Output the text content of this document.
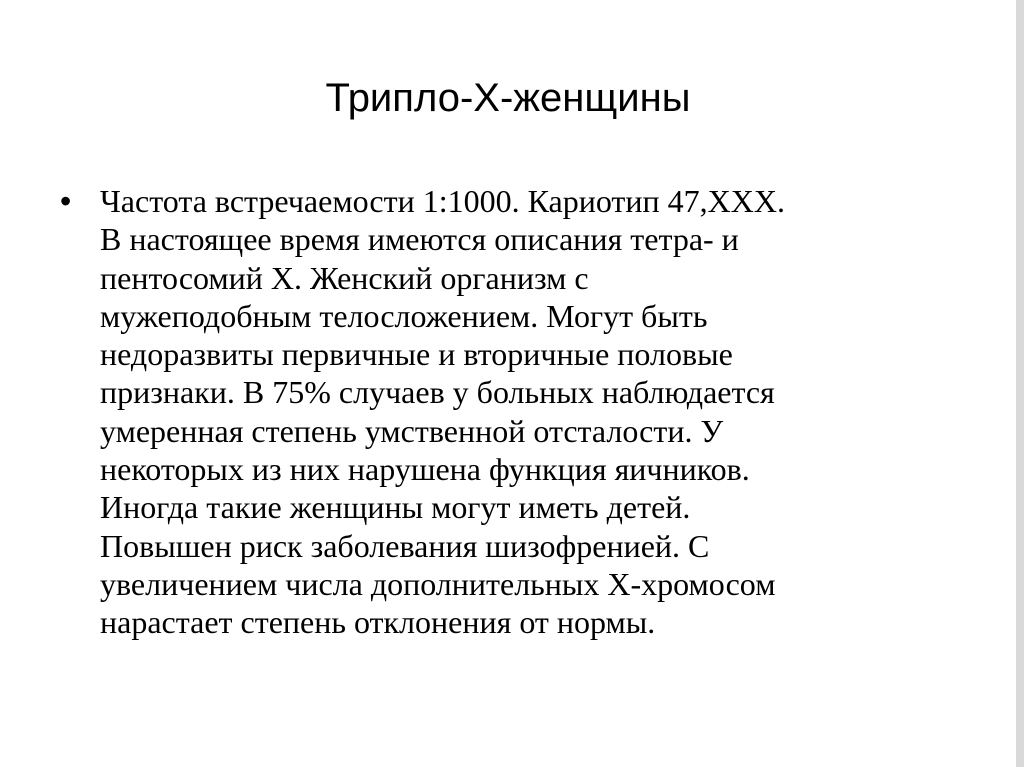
Трипло-Х-женщины
• Частота встречаемости 1:1000. Кариотип 47,ХХХ.
В настоящее время имеются описания тетра- и
пентосомий Х. Женский организм с
мужеподобным телосложением. Могут быть
недоразвиты первичные и вторичные половые
признаки. В 75% случаев у больных наблюдается
умеренная степень умственной отсталости. У
некоторых из них нарушена функция яичников.
Иногда такие женщины могут иметь детей.
Повышен риск заболевания шизофренией. С
увеличением числа дополнительных Х-хромосом
нарастает степень отклонения от нормы.
